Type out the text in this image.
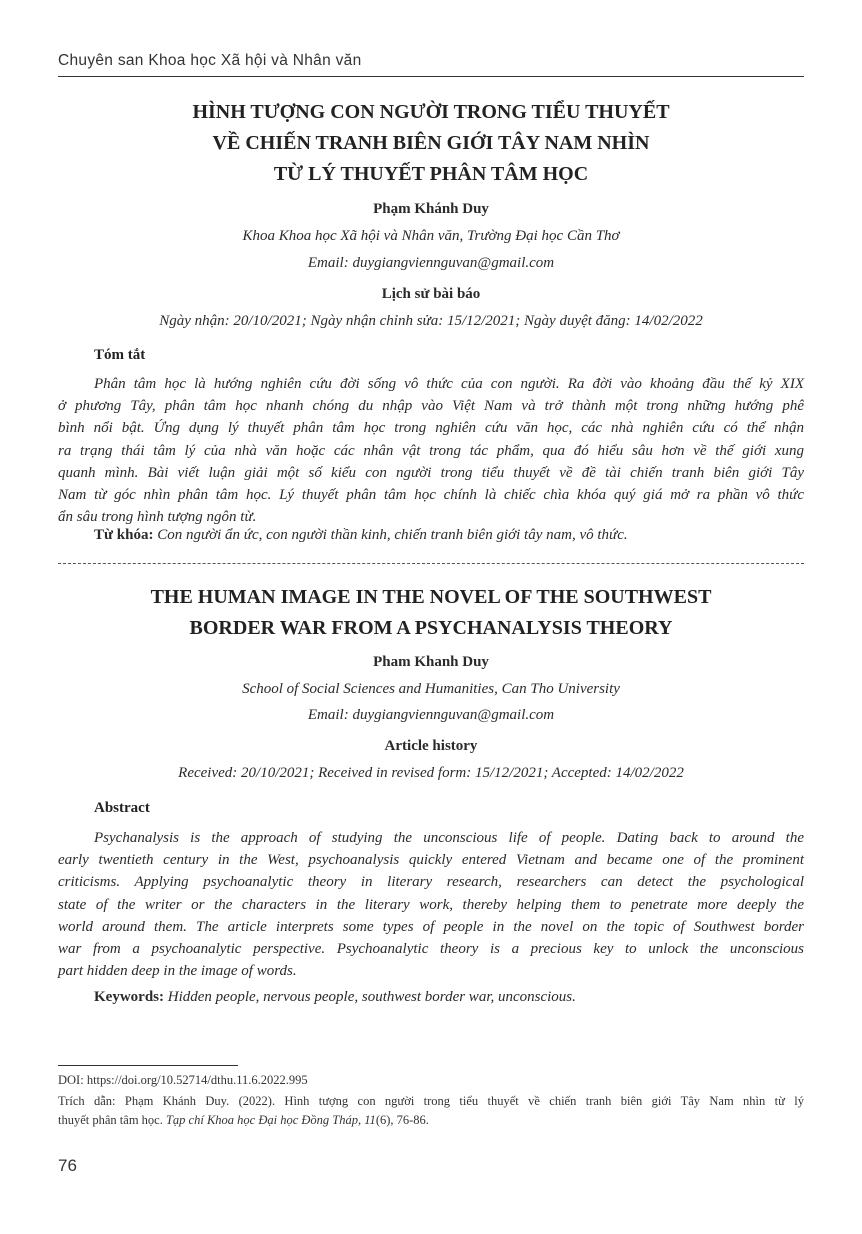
Chuyên san Khoa học Xã hội và Nhân văn
HÌNH TƯỢNG CON NGƯỜI TRONG TIỂU THUYẾT
VỀ CHIẾN TRANH BIÊN GIỚI TÂY NAM NHÌN
TỪ LÝ THUYẾT PHÂN TÂM HỌC
Phạm Khánh Duy
Khoa Khoa học Xã hội và Nhân văn, Trường Đại học Cần Thơ
Email: duygiangviennguvan@gmail.com
Lịch sử bài báo
Ngày nhận: 20/10/2021; Ngày nhận chỉnh sửa: 15/12/2021; Ngày duyệt đăng: 14/02/2022
Tóm tắt
Phân tâm học là hướng nghiên cứu đời sống vô thức của con người. Ra đời vào khoảng đầu thế kỷ XIX
ở phương Tây, phân tâm học nhanh chóng du nhập vào Việt Nam và trở thành một trong những hướng phê
bình nổi bật. Ứng dụng lý thuyết phân tâm học trong nghiên cứu văn học, các nhà nghiên cứu có thể nhận
ra trạng thái tâm lý của nhà văn hoặc các nhân vật trong tác phẩm, qua đó hiểu sâu hơn về thế giới xung
quanh mình. Bài viết luận giải một số kiểu con người trong tiểu thuyết về đề tài chiến tranh biên giới Tây
Nam từ góc nhìn phân tâm học. Lý thuyết phân tâm học chính là chiếc chìa khóa quý giá mở ra phần vô thức
ẩn sâu trong hình tượng ngôn từ.
Từ khóa: Con người ẩn ức, con người thần kinh, chiến tranh biên giới tây nam, vô thức.
THE HUMAN IMAGE IN THE NOVEL OF THE SOUTHWEST
BORDER WAR FROM A PSYCHANALYSIS THEORY
Pham Khanh Duy
School of Social Sciences and Humanities, Can Tho University
Email: duygiangviennguvan@gmail.com
Article history
Received: 20/10/2021; Received in revised form: 15/12/2021; Accepted: 14/02/2022
Abstract
Psychanalysis is the approach of studying the unconscious life of people. Dating back to around the
early twentieth century in the West, psychoanalysis quickly entered Vietnam and became one of the prominent
criticisms. Applying psychoanalytic theory in literary research, researchers can detect the psychological
state of the writer or the characters in the literary work, thereby helping them to penetrate more deeply the
world around them. The article interprets some types of people in the novel on the topic of Southwest border
war from a psychoanalytic perspective. Psychoanalytic theory is a precious key to unlock the unconscious
part hidden deep in the image of words.
Keywords: Hidden people, nervous people, southwest border war, unconscious.
DOI: https://doi.org/10.52714/dthu.11.6.2022.995
Trích dẫn: Phạm Khánh Duy. (2022). Hình tượng con người trong tiểu thuyết về chiến tranh biên giới Tây Nam nhìn từ lý
thuyết phân tâm học. Tạp chí Khoa học Đại học Đồng Tháp, 11(6), 76-86.
76
